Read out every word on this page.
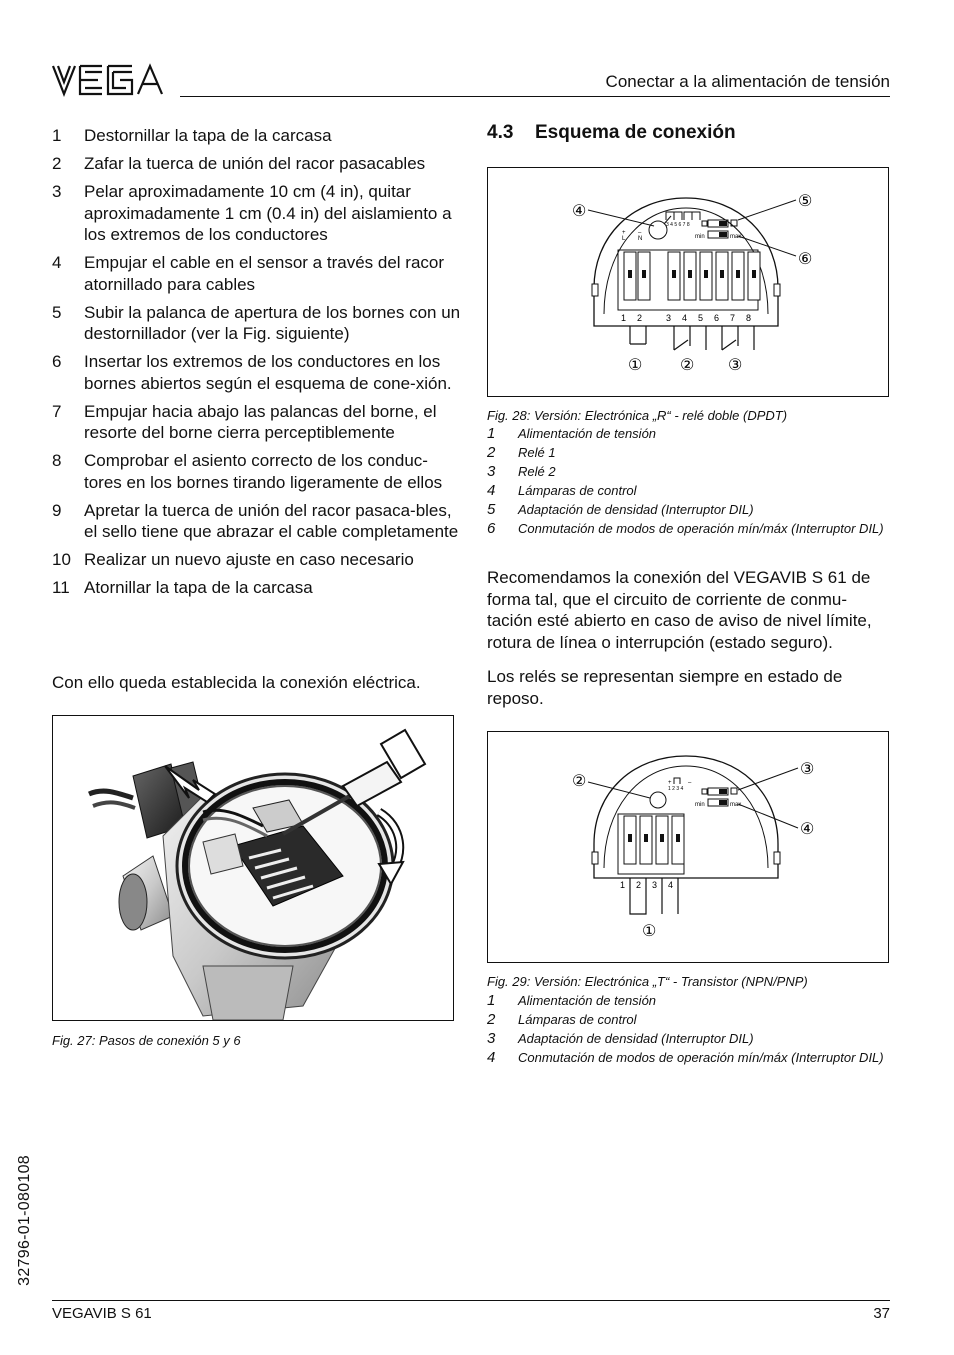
Conectar a la alimentación de tensión
1 Destornillar la tapa de la carcasa
2 Zafar la tuerca de unión del racor pasacables
3 Pelar aproximadamente 10 cm (4 in), quitar aproximadamente 1 cm (0.4 in) del aislamiento a los extremos de los conductores
4 Empujar el cable en el sensor a través del racor atornillado para cables
5 Subir la palanca de apertura de los bornes con un destornillador (ver la Fig. siguiente)
6 Insertar los extremos de los conductores en los bornes abiertos según el esquema de cone-xión.
7 Empujar hacia abajo las palancas del borne, el resorte del borne cierra perceptiblemente
8 Comprobar el asiento correcto de los conduc-tores en los bornes tirando ligeramente de ellos
9 Apretar la tuerca de unión del racor pasaca-bles, el sello tiene que abrazar el cable completamente
10 Realizar un nuevo ajuste en caso necesario
11 Atornillar la tapa de la carcasa
Con ello queda establecida la conexión eléctrica.
Fig. 27: Pasos de conexión 5 y 6
4.3 Esquema de conexión
+
L
–
N
3 4 5 6 7 8
min	max
1 2	3 4 5 6 7 8
① ② ③
④
⑤
⑥
Fig. 28: Versión: Electrónica „R“ - relé doble (DPDT)
1 Alimentación de tensión
2 Relé 1
3 Relé 2
4 Lámparas de control
5 Adaptación de densidad (Interruptor DIL)
6 Conmutación de modos de operación mín/máx (Interruptor DIL)
Recomendamos la conexión del VEGAVIB S 61 de forma tal, que el circuito de corriente de conmu-tación esté abierto en caso de aviso de nivel límite, rotura de línea o interrupción (estado seguro).
Los relés se representan siempre en estado de reposo.
+	–
1 2 3 4
min	max
1 2 3 4
①
②
③
④
Fig. 29: Versión: Electrónica „T“ - Transistor (NPN/PNP)
1 Alimentación de tensión
2 Lámparas de control
3 Adaptación de densidad (Interruptor DIL)
4 Conmutación de modos de operación mín/máx (Interruptor DIL)
32796-01-080108
VEGAVIB S 61	37
